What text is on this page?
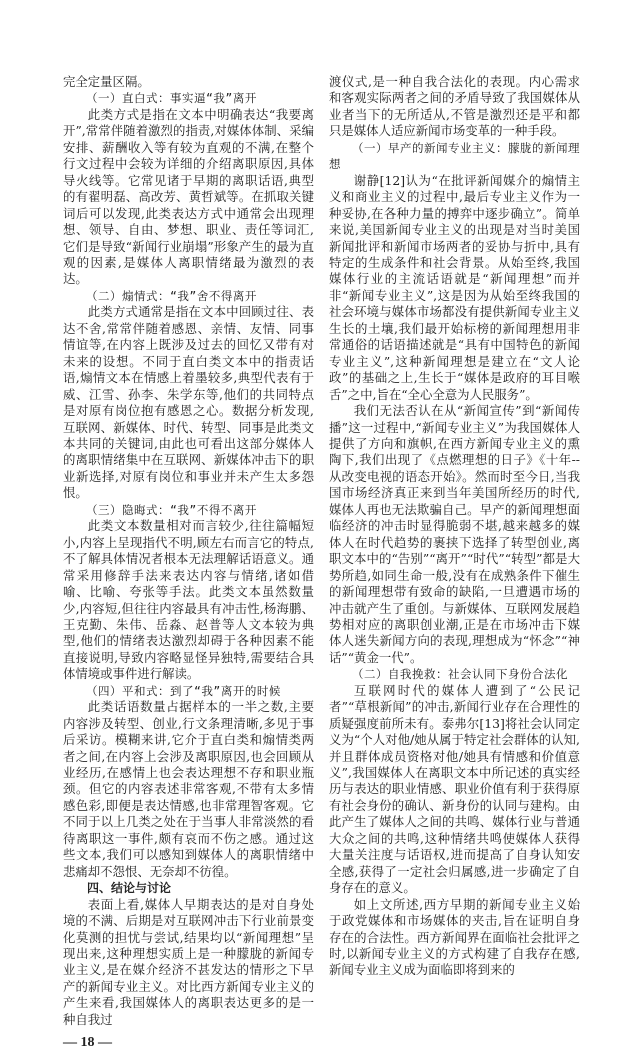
完全定量区隔。

（一）直白式：事实逼“我”离开

此类方式是指在文本中明确表达“我要离开”,常常伴随着激烈的指责,对媒体体制、采编安排、薪酬收入等有较为直观的不满,在整个行文过程中会较为详细的介绍离职原因,具体导火线等。它常见诸于早期的离职话语,典型的有翟明磊、高改芳、黄哲斌等。在抓取关键词后可以发现,此类表达方式中通常会出现理想、领导、自由、梦想、职业、责任等词汇,它们是导致“新闻行业崩塌”形象产生的最为直观的因素,是媒体人离职情绪最为激烈的表达。

（二）煽情式：“我”舍不得离开

此类方式通常是指在文本中回顾过往、表达不舍,常常伴随着感恩、亲情、友情、同事情谊等,在内容上既涉及过去的回忆又带有对未来的设想。不同于直白类文本中的指责话语,煽情文本在情感上着墨较多,典型代表有于威、江雪、孙李、朱学东等,他们的共同特点是对原有岗位抱有感恩之心。数据分析发现,互联网、新媒体、时代、转型、同事是此类文本共同的关键词,由此也可看出这部分媒体人的离职情绪集中在互联网、新媒体冲击下的职业新选择,对原有岗位和事业并未产生太多怨恨。

（三）隐晦式：“我”不得不离开

此类文本数量相对而言较少,往往篇幅短小,内容上呈现指代不明,顾左右而言它的特点,不了解具体情况者根本无法理解话语意义。通常采用修辞手法来表达内容与情绪,诸如借喻、比喻、夸张等手法。此类文本虽然数量少,内容短,但往往内容最具有冲击性,杨海鹏、王克勤、朱伟、岳淼、赵普等人文本较为典型,他们的情绪表达激烈却碍于各种因素不能直接说明,导致内容略显怪异独特,需要结合具体情境或事件进行解读。

（四）平和式：到了“我”离开的时候

此类话语数量占据样本的一半之数,主要内容涉及转型、创业,行文条理清晰,多见于事后采访。模糊来讲,它介于直白类和煽情类两者之间,在内容上会涉及离职原因,也会回顾从业经历,在感情上也会表达理想不存和职业瓶颈。但它的内容表述非常客观,不带有太多情感色彩,即便是表达情感,也非常理智客观。它不同于以上几类之处在于当事人非常淡然的看待离职这一事件,颇有哀而不伤之感。通过这些文本,我们可以感知到媒体人的离职情绪中悲痛却不怨恨、无奈却不彷徨。

四、结论与讨论

表面上看,媒体人早期表达的是对自身处境的不满、后期是对互联网冲击下行业前景变化莫测的担忧与尝试,结果均以“新闻理想”呈现出来,这种理想实质上是一种朦胧的新闻专业主义,是在媒介经济不甚发达的情形之下早产的新闻专业主义。对比西方新闻专业主义的产生来看,我国媒体人的离职表达更多的是一种自我过

— 18 —

渡仪式,是一种自我合法化的表现。内心需求和客观实际两者之间的矛盾导致了我国媒体从业者当下的无所适从,不管是激烈还是平和都只是媒体人适应新闻市场变革的一种手段。

（一）早产的新闻专业主义：朦胧的新闻理想

谢静[12]认为“在批评新闻媒介的煽情主义和商业主义的过程中,最后专业主义作为一种妥协,在各种力量的搏弈中逐步确立”。简单来说,美国新闻专业主义的出现是对当时美国新闻批评和新闻市场两者的妥协与折中,具有特定的生成条件和社会背景。从始至终,我国媒体行业的主流话语就是“新闻理想”而并非“新闻专业主义”,这是因为从始至终我国的社会环境与媒体市场都没有提供新闻专业主义生长的土壤,我们最开始标榜的新闻理想用非常通俗的话语描述就是“具有中国特色的新闻专业主义”,这种新闻理想是建立在“文人论政”的基础之上,生长于“媒体是政府的耳目喉舌”之中,旨在“全心全意为人民服务”。

我们无法否认在从“新闻宣传”到“新闻传播”这一过程中,“新闻专业主义”为我国媒体人提供了方向和旗帜,在西方新闻专业主义的熏陶下,我们出现了《点燃理想的日子》《十年--从改变电视的语态开始》。然而时至今日,当我国市场经济真正来到当年美国所经历的时代,媒体人再也无法欺骗自己。早产的新闻理想面临经济的冲击时显得脆弱不堪,越来越多的媒体人在时代趋势的裹挟下选择了转型创业,离职文本中的“告别”“离开”“时代”“转型”都是大势所趋,如同生命一般,没有在成熟条件下催生的新闻理想带有致命的缺陷,一旦遭遇市场的冲击就产生了重创。与新媒体、互联网发展趋势相对应的离职创业潮,正是在市场冲击下媒体人迷失新闻方向的表现,理想成为“怀念”“神话”“黄金一代”。

（二）自我挽救：社会认同下身份合法化

互联网时代的媒体人遭到了“公民记者”“草根新闻”的冲击,新闻行业存在合理性的质疑强度前所未有。泰弗尔[13]将社会认同定义为“个人对他/她从属于特定社会群体的认知,并且群体成员资格对他/她具有情感和价值意义”,我国媒体人在离职文本中所记述的真实经历与表达的职业情感、职业价值有利于获得原有社会身份的确认、新身份的认同与建构。由此产生了媒体人之间的共鸣、媒体行业与普通大众之间的共鸣,这种情绪共鸣使媒体人获得大量关注度与话语权,进而提高了自身认知安全感,获得了一定社会归属感,进一步确定了自身存在的意义。

如上文所述,西方早期的新闻专业主义始于政党媒体和市场媒体的夹击,旨在证明自身存在的合法性。西方新闻界在面临社会批评之时,以新闻专业主义的方式构建了自我存在感,新闻专业主义成为面临即将到来的
